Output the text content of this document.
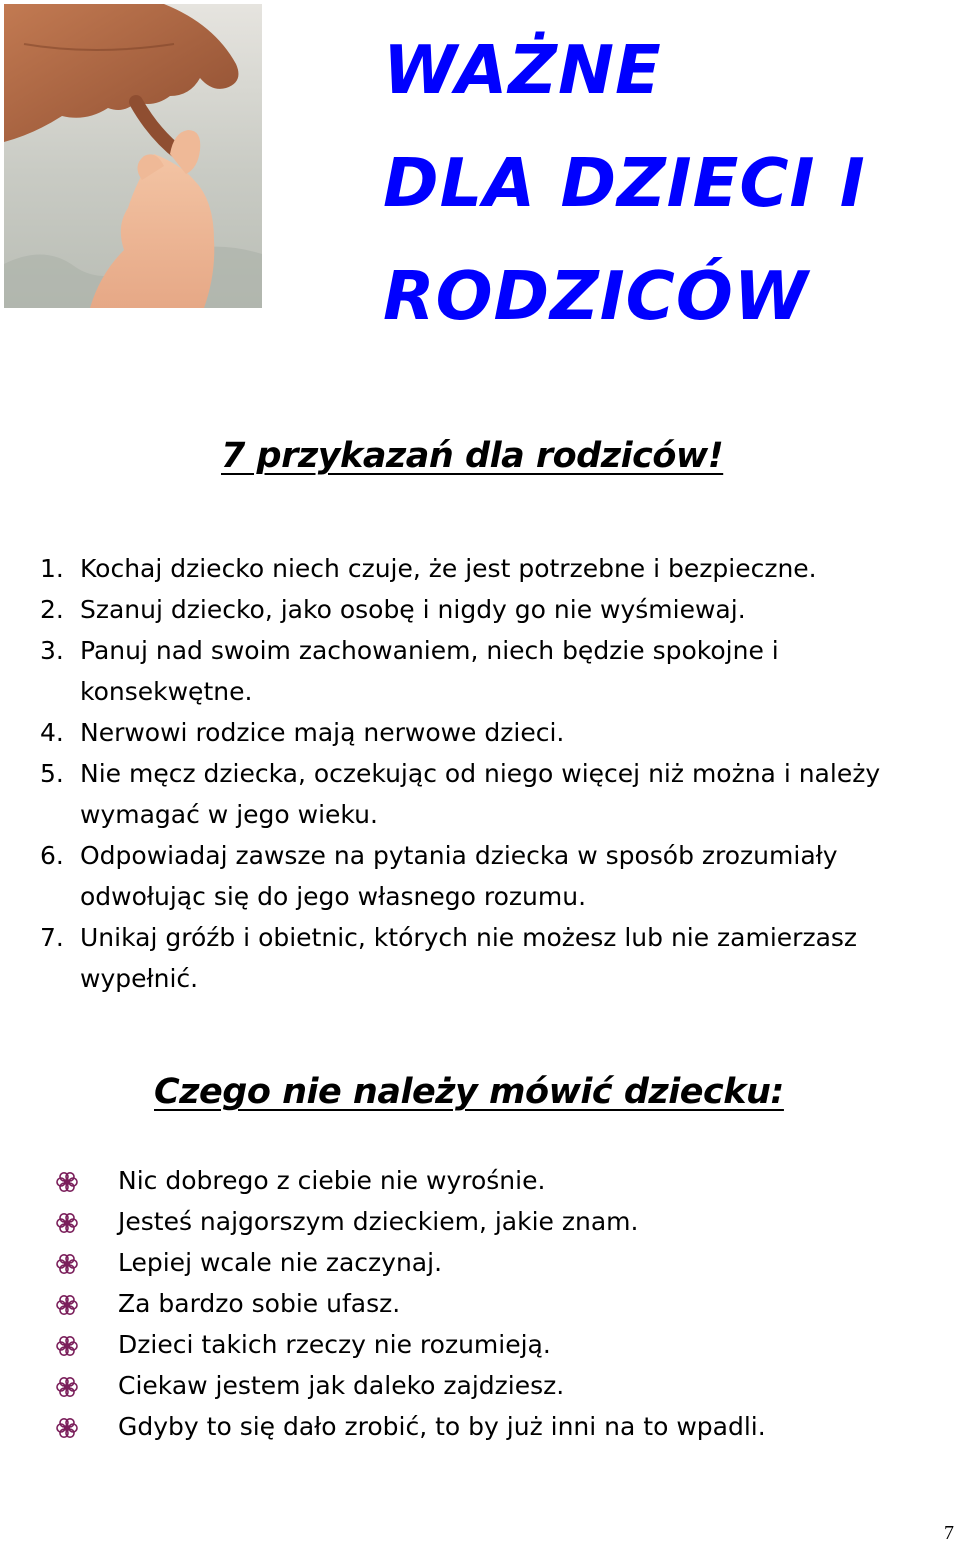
WAŻNE
DLA DZIECI I
RODZICÓW
7 przykazań dla rodziców!
1. Kochaj dziecko niech czuje, że jest potrzebne i bezpieczne.
2. Szanuj dziecko, jako osobę i nigdy go nie wyśmiewaj.
3. Panuj nad swoim zachowaniem, niech będzie spokojne i konsekwętne.
4. Nerwowi rodzice mają nerwowe dzieci.
5. Nie męcz dziecka, oczekując od niego więcej niż można i należy wymagać w jego wieku.
6. Odpowiadaj zawsze na pytania dziecka w sposób zrozumiały odwołując się do jego własnego rozumu.
7. Unikaj gróźb i obietnic, których nie możesz lub nie zamierzasz wypełnić.
Czego nie należy mówić dziecku:
Nic dobrego z ciebie nie wyrośnie.
Jesteś najgorszym dzieckiem, jakie znam.
Lepiej wcale nie zaczynaj.
Za bardzo sobie ufasz.
Dzieci takich rzeczy nie rozumieją.
Ciekaw jestem jak daleko zajdziesz.
Gdyby to się dało zrobić, to by już inni na to wpadli.
7
